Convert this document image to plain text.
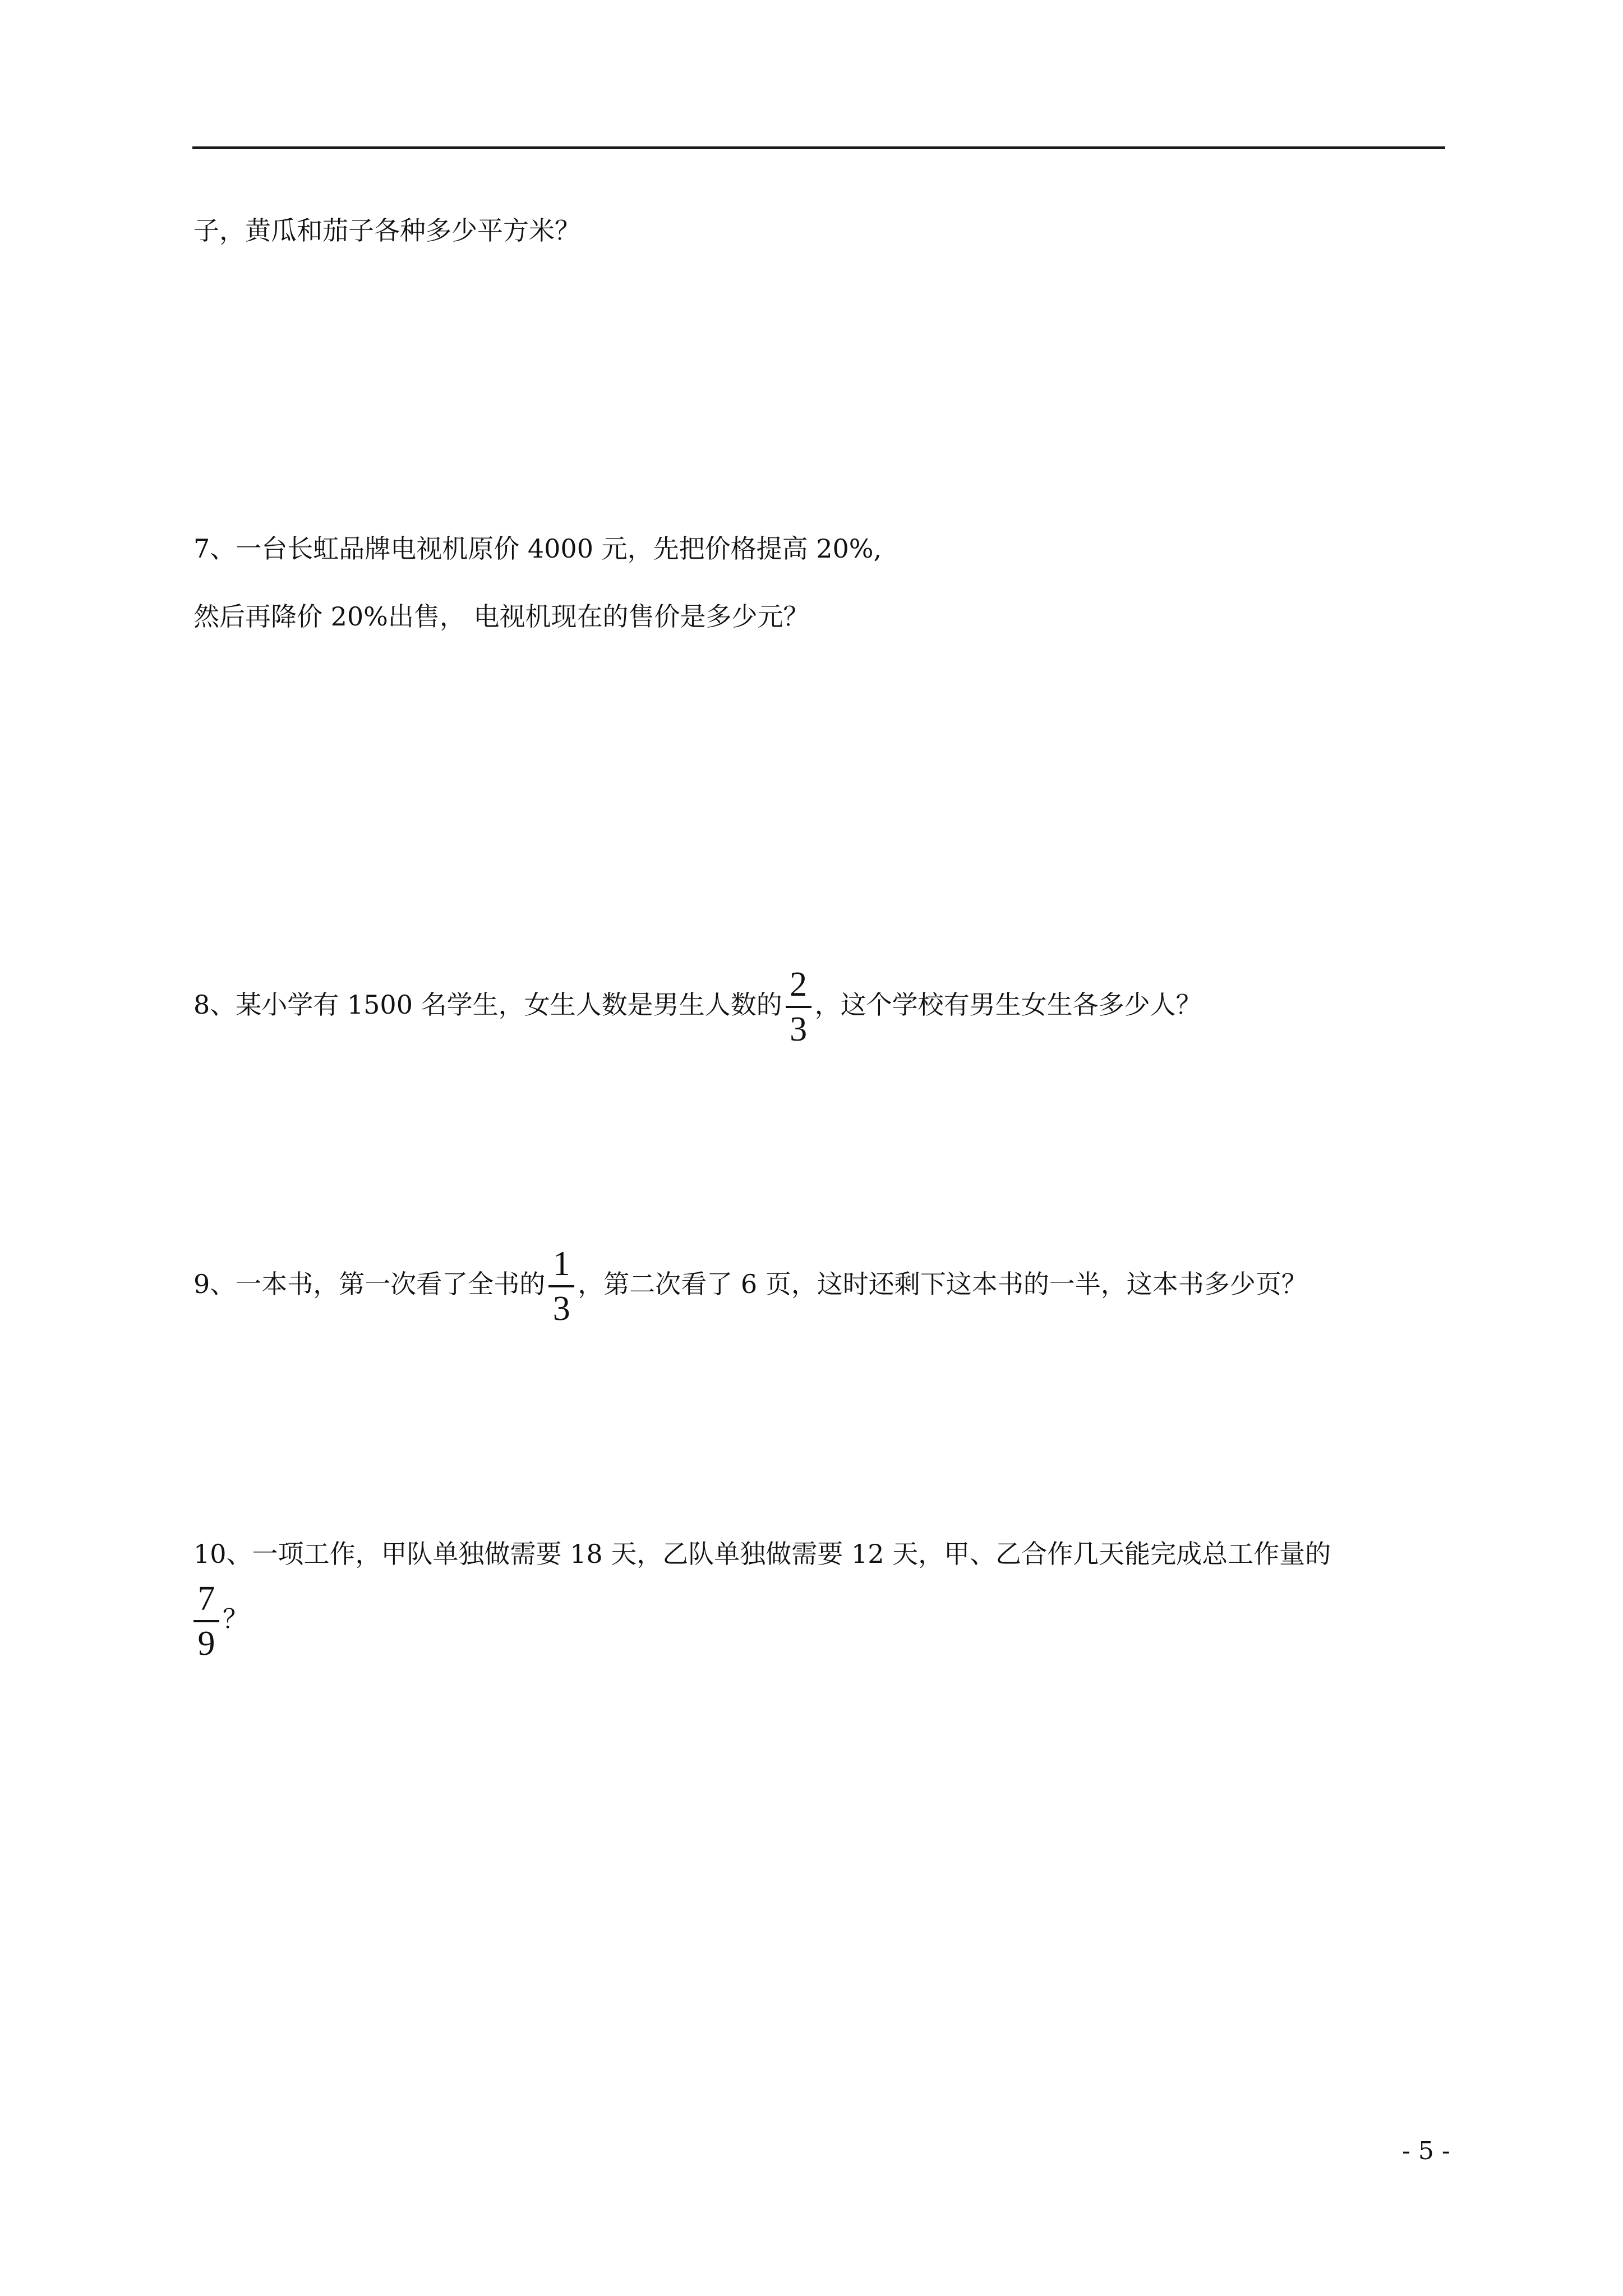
子，黄瓜和茄子各种多少平方米？
7、一台长虹品牌电视机原价 4000 元，先把价格提高 20%,
然后再降价 20%出售， 电视机现在的售价是多少元？
8、某小学有 1500 名学生，女生人数是男生人数的 $\frac{2}{3}$ ，这个学校有男生女生各多少人？
9、一本书，第一次看了全书的 $\frac{1}{3}$ ，第二次看了 6 页，这时还剩下这本书的一半，这本书多少页？
10、一项工作，甲队单独做需要 18 天，乙队单独做需要 12 天，甲、乙合作几天能完成总工作量的
$\frac{7}{9}$ ？
- 5 -
